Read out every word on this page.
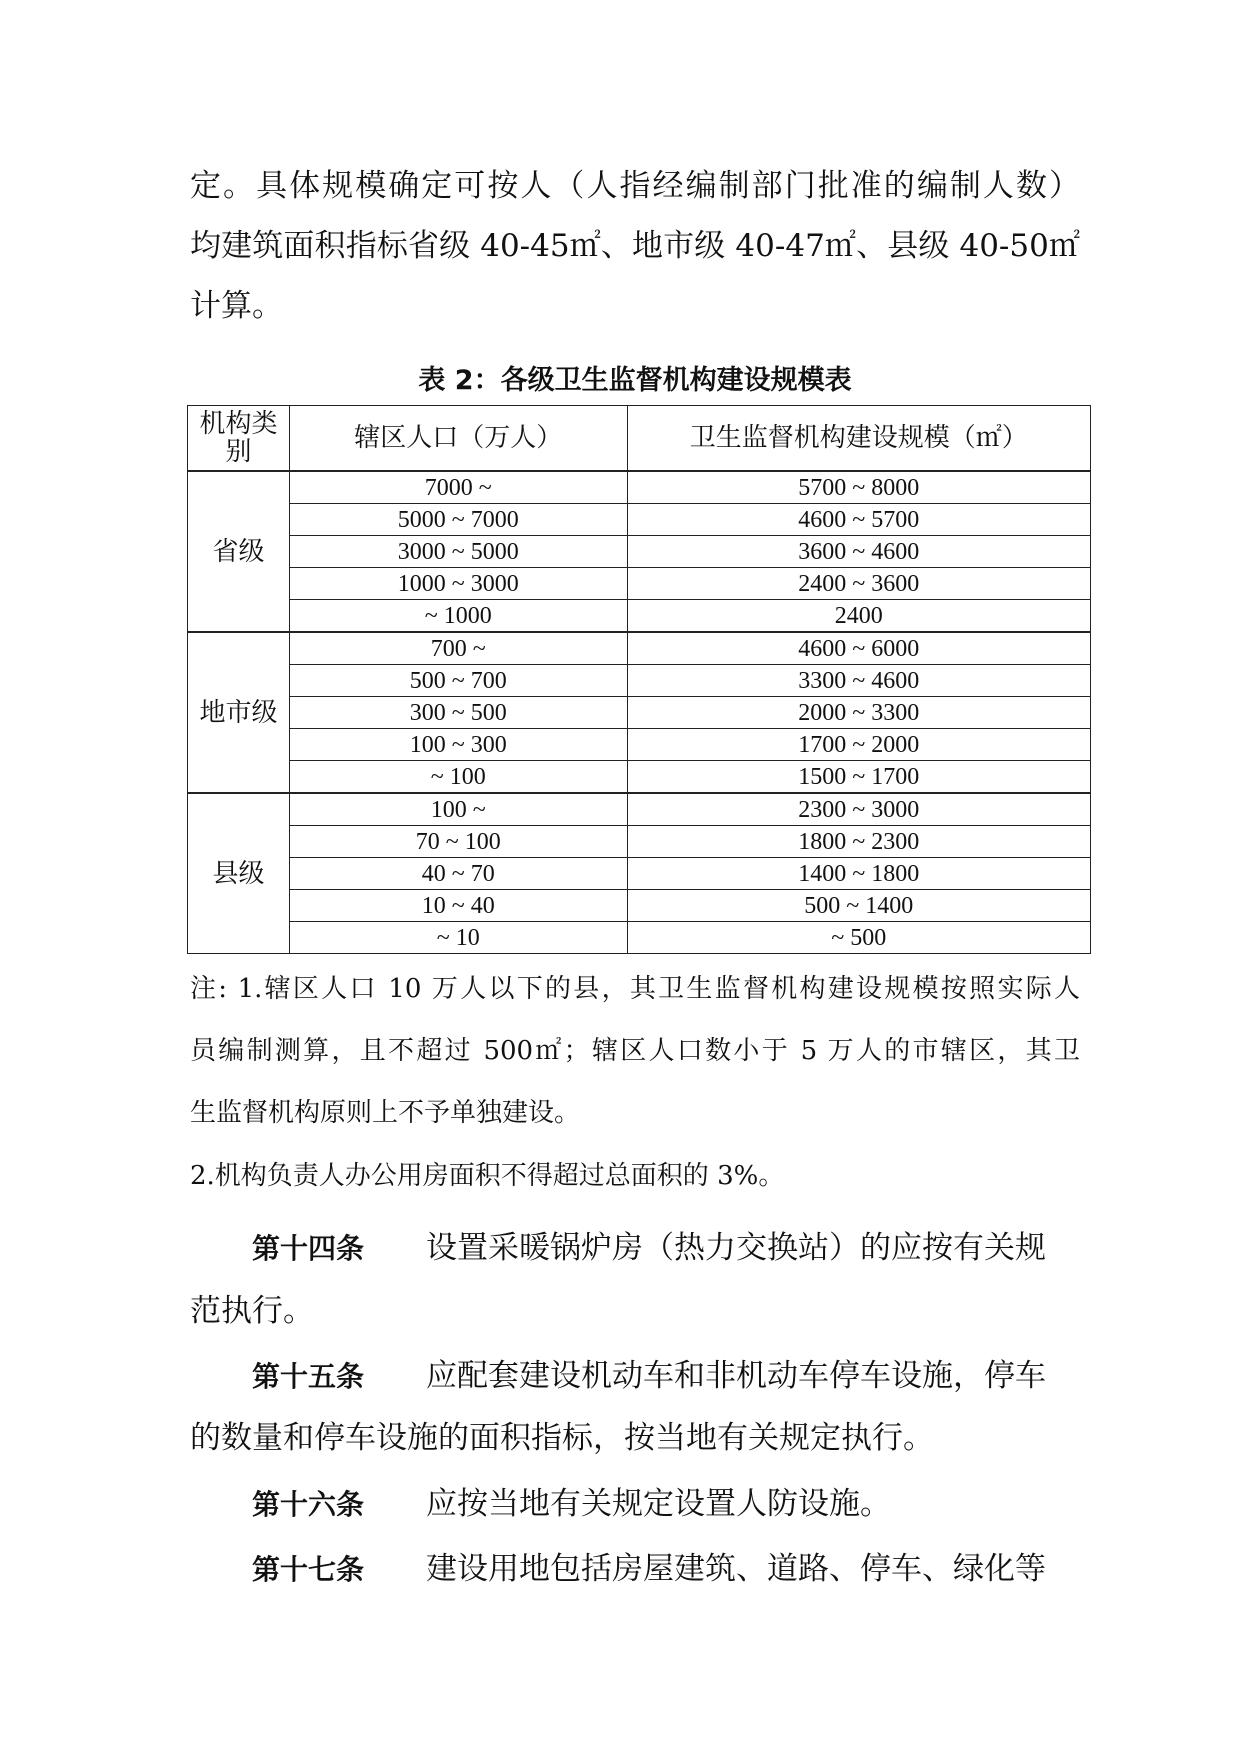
定。具体规模确定可按人（人指经编制部门批准的编制人数）
均建筑面积指标省级 40-45㎡、地市级 40-47㎡、县级 40-50㎡
计算。
表 2：各级卫生监督机构建设规模表
机构类别	辖区人口（万人）	卫生监督机构建设规模（㎡）
省级	7000 ~	5700 ~ 8000
	5000 ~ 7000	4600 ~ 5700
	3000 ~ 5000	3600 ~ 4600
	1000 ~ 3000	2400 ~ 3600
	~ 1000	2400
地市级	700 ~	4600 ~ 6000
	500 ~ 700	3300 ~ 4600
	300 ~ 500	2000 ~ 3300
	100 ~ 300	1700 ~ 2000
	~ 100	1500 ~ 1700
县级	100 ~	2300 ~ 3000
	70 ~ 100	1800 ~ 2300
	40 ~ 70	1400 ~ 1800
	10 ~ 40	500 ~ 1400
	~ 10	~ 500
注: 1.辖区人口 10 万人以下的县，其卫生监督机构建设规模按照实际人
员编制测算，且不超过 500㎡；辖区人口数小于 5 万人的市辖区，其卫
生监督机构原则上不予单独建设。
2.机构负责人办公用房面积不得超过总面积的 3%。
第十四条 设置采暖锅炉房（热力交换站）的应按有关规
范执行。
第十五条 应配套建设机动车和非机动车停车设施，停车
的数量和停车设施的面积指标，按当地有关规定执行。
第十六条 应按当地有关规定设置人防设施。
第十七条 建设用地包括房屋建筑、道路、停车、绿化等
